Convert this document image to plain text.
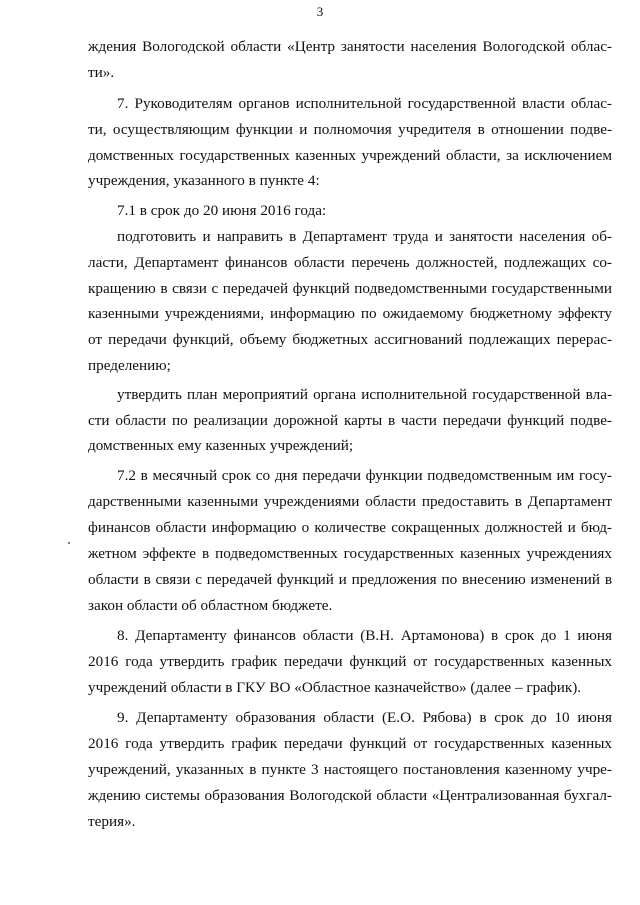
3
ждения Вологодской области «Центр занятости населения Вологодской облас-
ти».
7. Руководителям органов исполнительной государственной власти облас-
ти, осуществляющим функции и полномочия учредителя в отношении подве-
домственных государственных казенных учреждений области, за исключением
учреждения, указанного в пункте 4:
7.1 в срок до 20 июня 2016 года:
подготовить и направить в Департамент труда и занятости населения об-
ласти, Департамент финансов области перечень должностей, подлежащих со-
кращению в связи с передачей функций подведомственными государственными
казенными учреждениями, информацию по ожидаемому бюджетному эффекту
от передачи функций, объему бюджетных ассигнований подлежащих перерас-
пределению;
утвердить план мероприятий органа исполнительной государственной вла-
сти области по реализации дорожной карты в части передачи функций подве-
домственных ему казенных учреждений;
7.2 в месячный срок со дня передачи функции подведомственным им госу-
дарственными казенными учреждениями области предоставить в Департамент
финансов области информацию о количестве сокращенных должностей и бюд-
жетном эффекте в подведомственных государственных казенных учреждениях
области в связи с передачей функций и предложения по внесению изменений в
закон области об областном бюджете.
8. Департаменту финансов области (В.Н. Артамонова) в срок до 1 июня
2016 года утвердить график передачи функций от государственных казенных
учреждений области в ГКУ ВО «Областное казначейство» (далее – график).
9. Департаменту образования области (Е.О. Рябова) в срок до 10 июня
2016 года утвердить график передачи функций от государственных казенных
учреждений, указанных в пункте 3 настоящего постановления казенному учре-
ждению системы образования Вологодской области «Централизованная бухгал-
терия».
